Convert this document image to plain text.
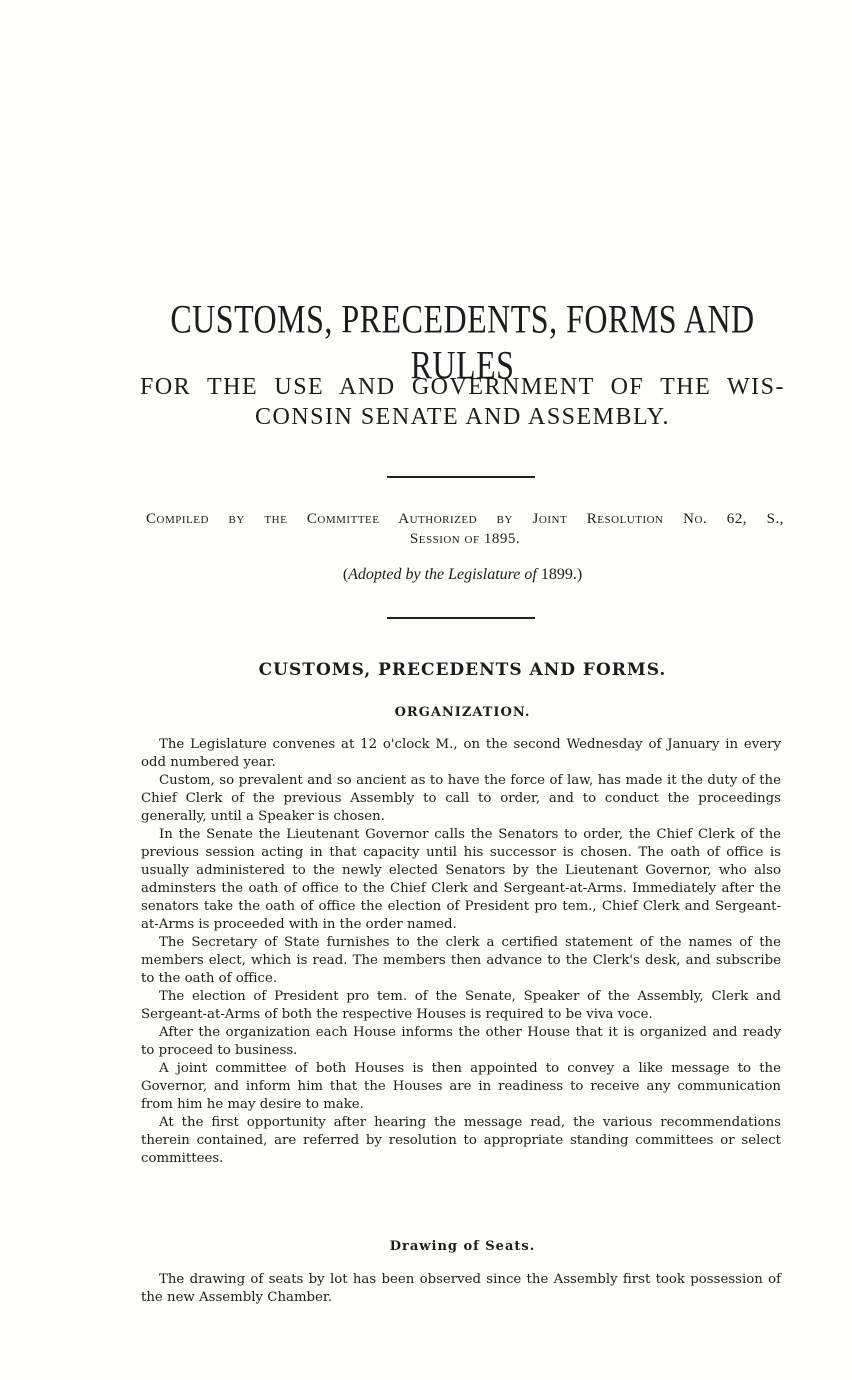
CUSTOMS, PRECEDENTS, FORMS AND RULES
FOR THE USE AND GOVERNMENT OF THE WIS-
CONSIN SENATE AND ASSEMBLY.

Compiled by the Committee Authorized by Joint Resolution No. 62, S.,
Session of 1895.

(Adopted by the Legislature of 1899.)

CUSTOMS, PRECEDENTS AND FORMS.
ORGANIZATION.

The Legislature convenes at 12 o'clock M., on the second Wednesday of January in every odd numbered year.

Custom, so prevalent and so ancient as to have the force of law, has made it the duty of the Chief Clerk of the previous Assembly to call to order, and to conduct the proceedings generally, until a Speaker is chosen.

In the Senate the Lieutenant Governor calls the Senators to order, the Chief Clerk of the previous session acting in that capacity until his successor is chosen. The oath of office is usually administered to the newly elected Senators by the Lieutenant Governor, who also adminsters the oath of office to the Chief Clerk and Sergeant-at-Arms. Immediately after the senators take the oath of office the election of President pro tem., Chief Clerk and Sergeant-at-Arms is proceeded with in the order named.

The Secretary of State furnishes to the clerk a certified statement of the names of the members elect, which is read. The members then advance to the Clerk's desk, and subscribe to the oath of office.

The election of President pro tem. of the Senate, Speaker of the Assembly, Clerk and Sergeant-at-Arms of both the respective Houses is required to be viva voce.

After the organization each House informs the other House that it is organized and ready to proceed to business.

A joint committee of both Houses is then appointed to convey a like message to the Governor, and inform him that the Houses are in readiness to receive any communication from him he may desire to make.

At the first opportunity after hearing the message read, the various recommendations therein contained, are referred by resolution to appropriate standing committees or select committees.

Drawing of Seats.

The drawing of seats by lot has been observed since the Assembly first took possession of the new Assembly Chamber.
